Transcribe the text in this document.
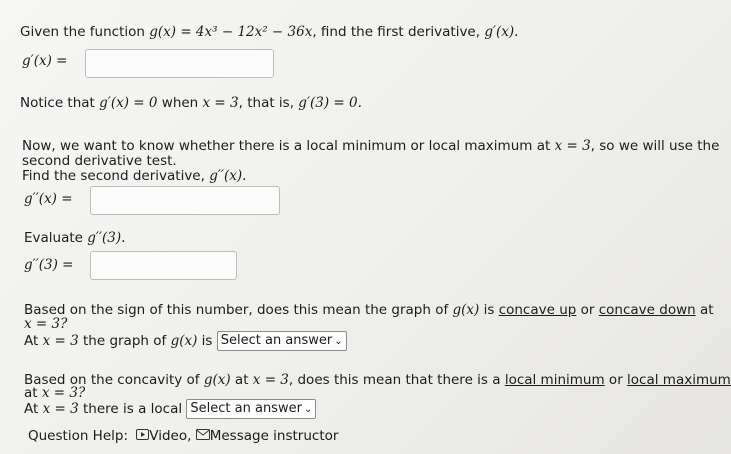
Given the function g(x) = 4x³ − 12x² − 36x, find the first derivative, g′(x).
g′(x) =
Notice that g′(x) = 0 when x = 3, that is, g′(3) = 0.
Now, we want to know whether there is a local minimum or local maximum at x = 3, so we will use the
second derivative test.
Find the second derivative, g′′(x).
g′′(x) =
Evaluate g′′(3).
g′′(3) =
Based on the sign of this number, does this mean the graph of g(x) is concave up or concave down at
x = 3?
At x = 3 the graph of g(x) is Select an answer ⌄
Based on the concavity of g(x) at x = 3, does this mean that there is a local minimum or local maximum
at x = 3?
At x = 3 there is a local Select an answer ⌄
Question Help: Video, Message instructor
